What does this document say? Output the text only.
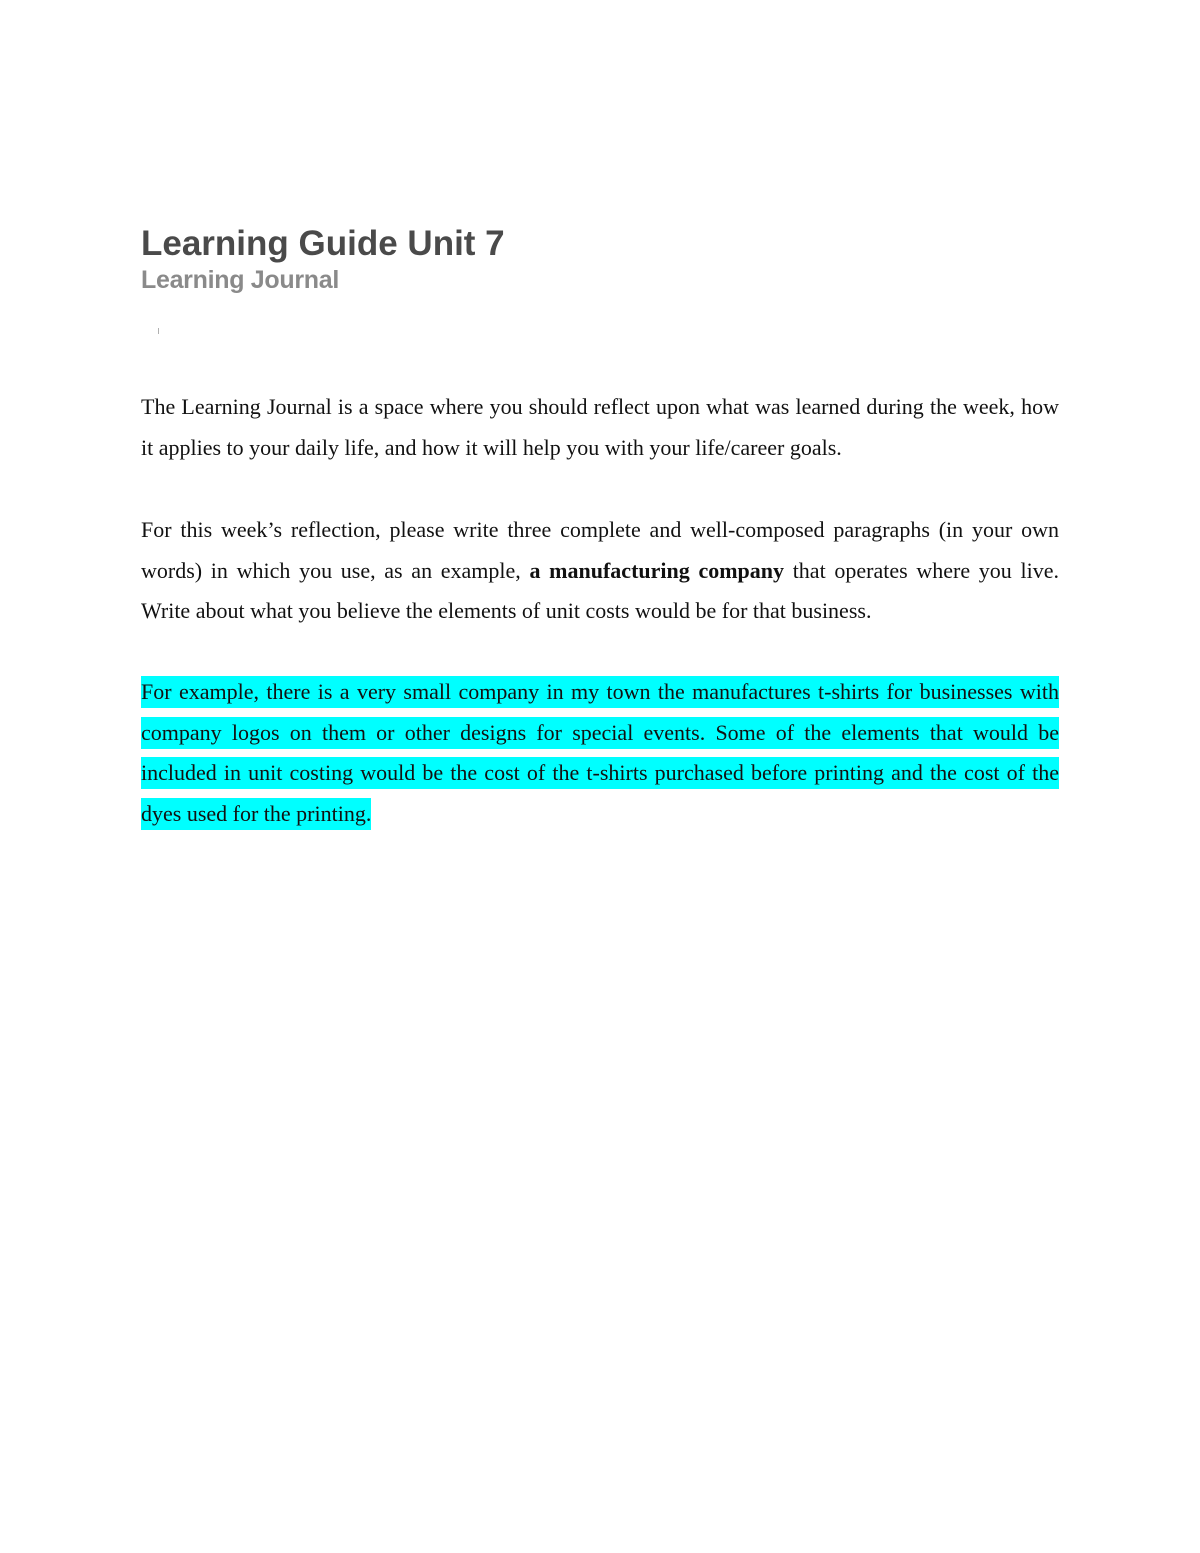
Learning Guide Unit 7
Learning Journal

The Learning Journal is a space where you should reflect upon what was learned during the week, how it applies to your daily life, and how it will help you with your life/career goals.

For this week’s reflection, please write three complete and well-composed paragraphs (in your own words) in which you use, as an example, a manufacturing company that operates where you live. Write about what you believe the elements of unit costs would be for that business.

For example, there is a very small company in my town the manufactures t-shirts for businesses with company logos on them or other designs for special events. Some of the elements that would be included in unit costing would be the cost of the t-shirts purchased before printing and the cost of the dyes used for the printing.
